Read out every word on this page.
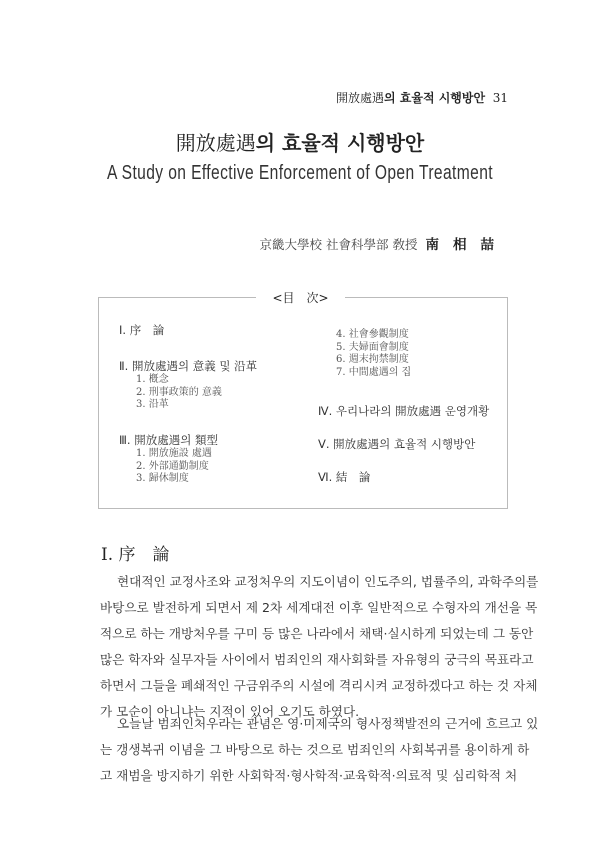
開放處遇의 효율적 시행방안 31
開放處遇의 효율적 시행방안
A Study on Effective Enforcement of Open Treatment
京畿大學校 社會科學部 敎授 南相喆
<目　次>
Ⅰ. 序　論
Ⅱ. 開放處遇의 意義 및 沿革
1. 槪念
2. 刑事政策的 意義
3. 沿革
Ⅲ. 開放處遇의 類型
1. 開放施設 處遇
2. 外部通勤制度
3. 歸休制度
4. 社會參觀制度
5. 夫婦面會制度
6. 週末拘禁制度
7. 中間處遇의 집
Ⅳ. 우리나라의 開放處遇 운영개황
Ⅴ. 開放處遇의 효율적 시행방안
Ⅵ. 結　論
Ⅰ. 序　論
현대적인 교정사조와 교정처우의 지도이념이 인도주의, 법률주의, 과학주의를
바탕으로 발전하게 되면서 제 2차 세계대전 이후 일반적으로 수형자의 개선을 목
적으로 하는 개방처우를 구미 등 많은 나라에서 채택·실시하게 되었는데 그 동안
많은 학자와 실무자들 사이에서 범죄인의 재사회화를 자유형의 궁극의 목표라고
하면서 그들을 폐쇄적인 구금위주의 시설에 격리시켜 교정하겠다고 하는 것 자체
가 모순이 아니냐는 지적이 있어 오기도 하였다.
오늘날 범죄인처우라는 관념은 영·미제국의 형사정책발전의 근거에 흐르고 있
는 갱생복귀 이념을 그 바탕으로 하는 것으로 범죄인의 사회복귀를 용이하게 하
고 재범을 방지하기 위한 사회학적·형사학적·교육학적·의료적 및 심리학적 처
